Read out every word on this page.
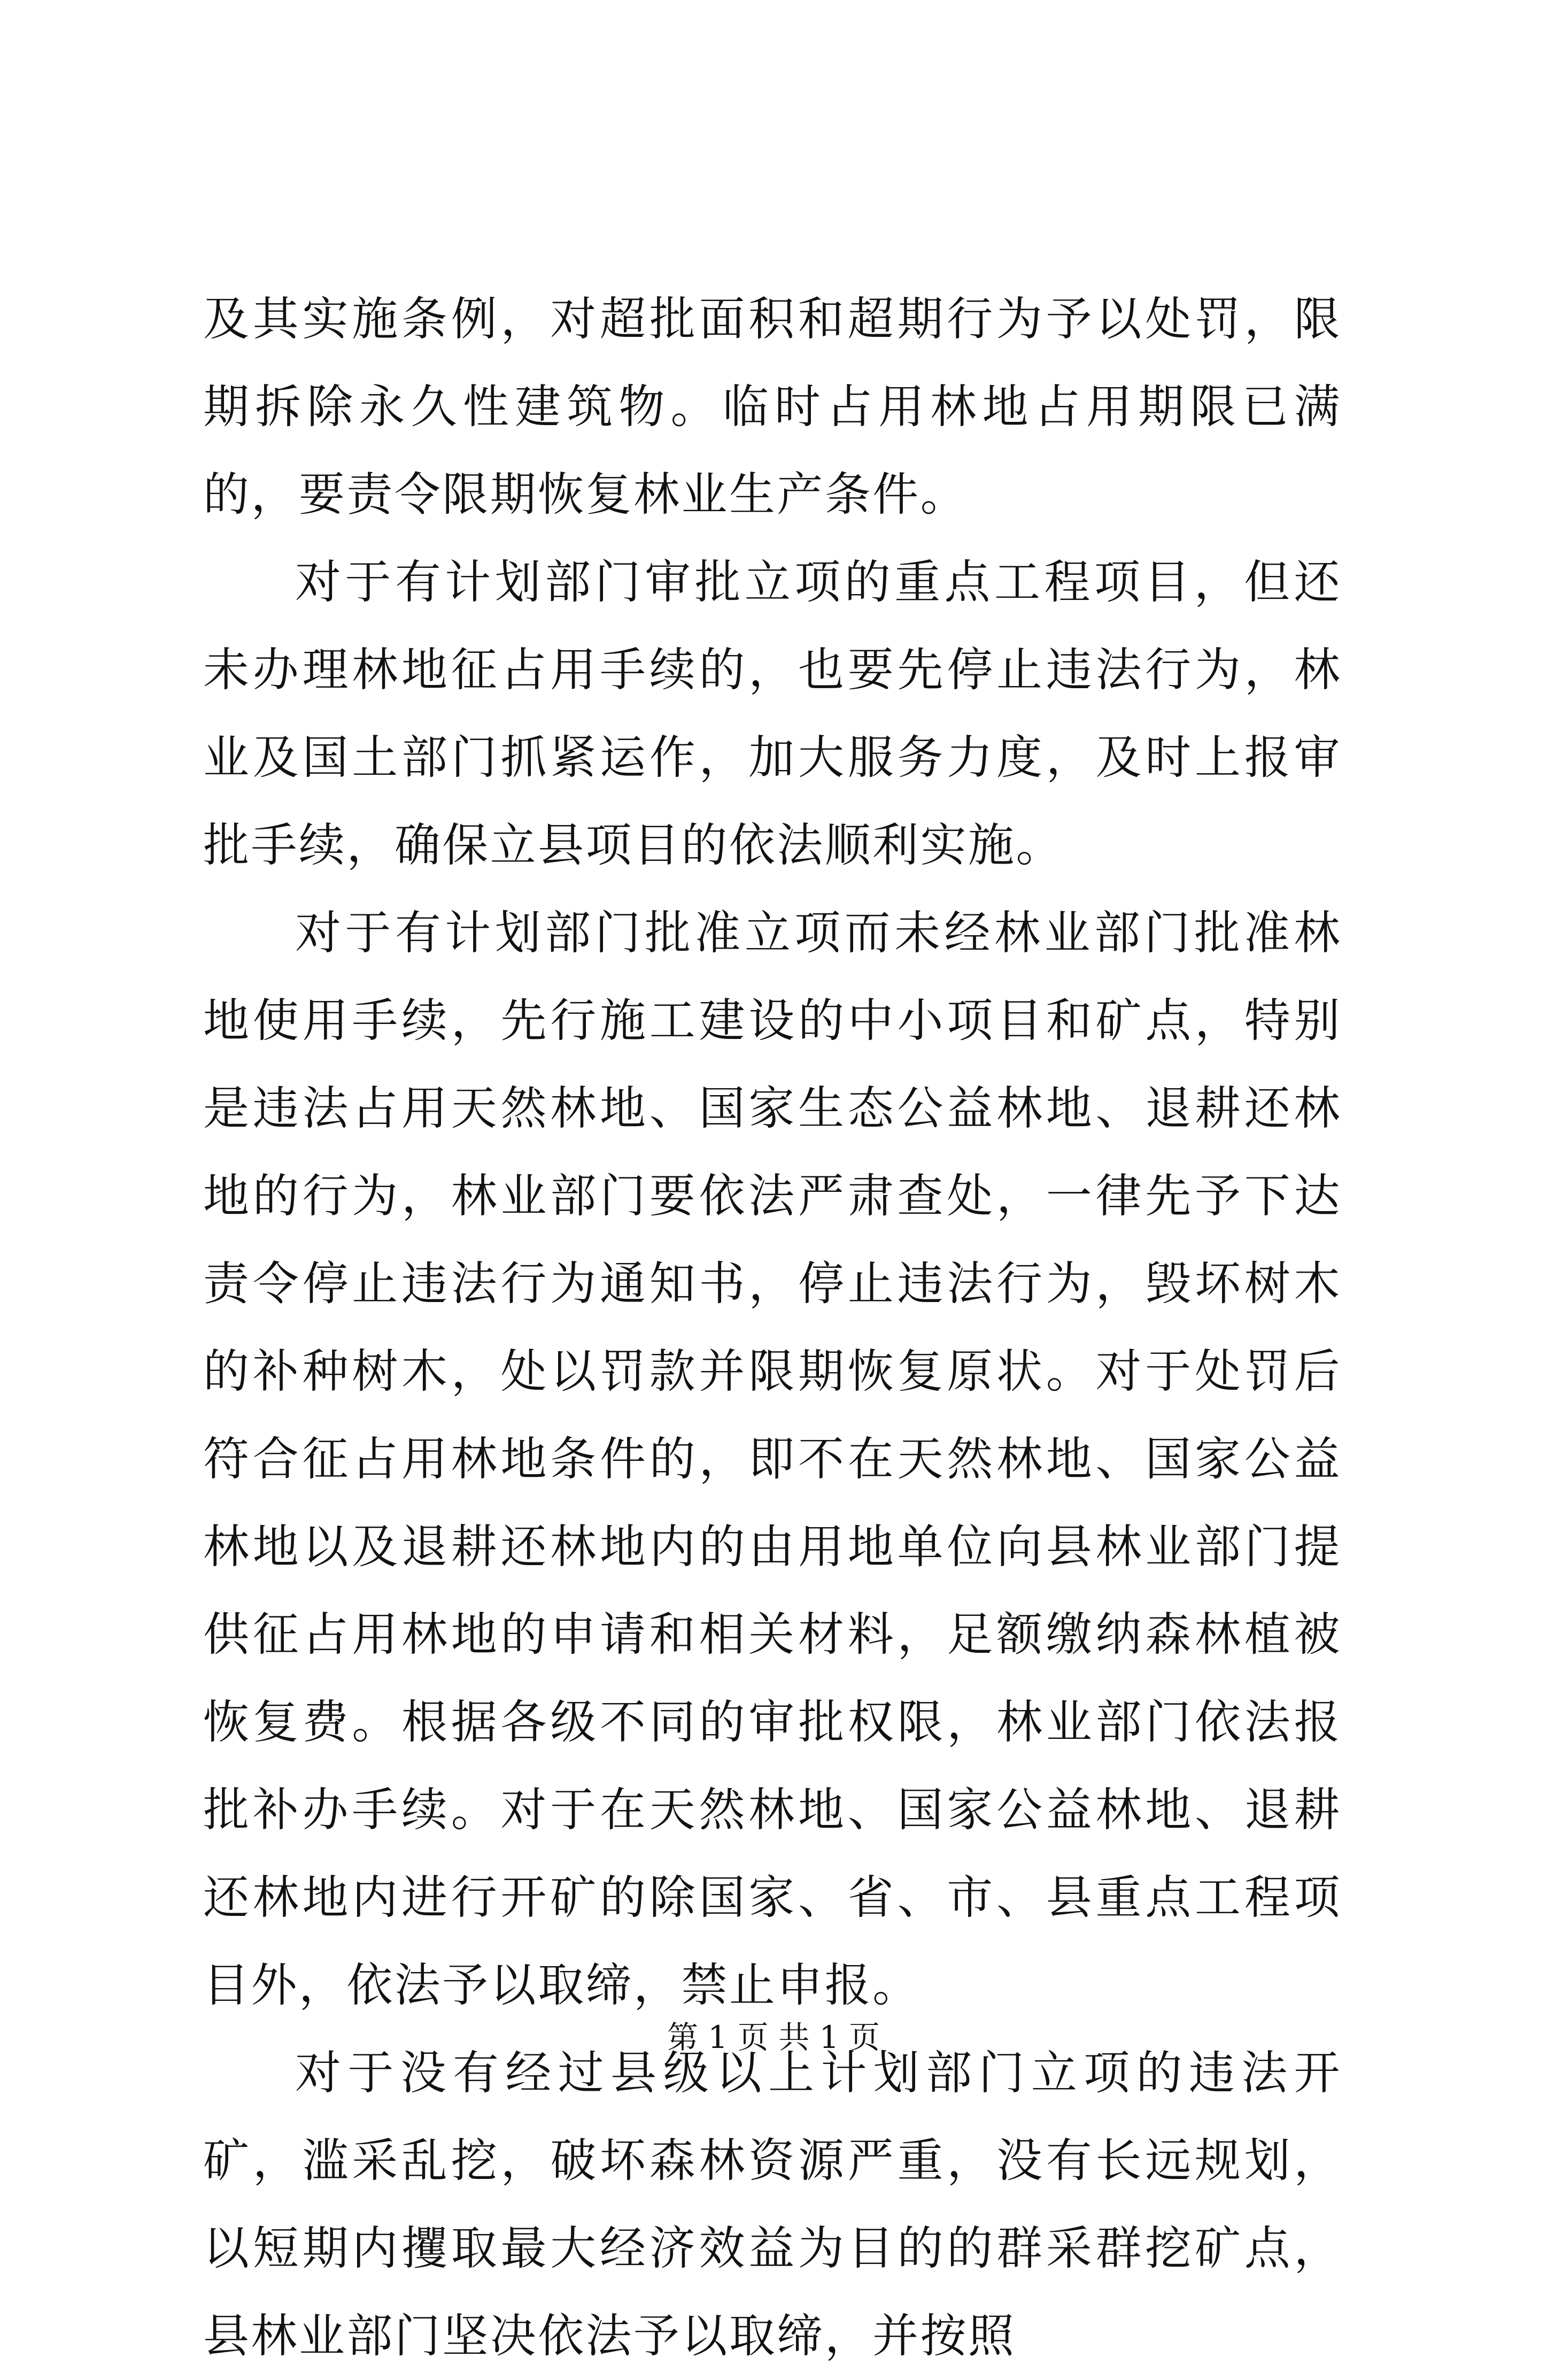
及其实施条例，对超批面积和超期行为予以处罚，限期拆除永久性建筑物。临时占用林地占用期限已满的，要责令限期恢复林业生产条件。

对于有计划部门审批立项的重点工程项目，但还未办理林地征占用手续的，也要先停止违法行为，林业及国土部门抓紧运作，加大服务力度，及时上报审批手续，确保立县项目的依法顺利实施。

对于有计划部门批准立项而未经林业部门批准林地使用手续，先行施工建设的中小项目和矿点，特别是违法占用天然林地、国家生态公益林地、退耕还林地的行为，林业部门要依法严肃查处，一律先予下达责令停止违法行为通知书，停止违法行为，毁坏树木的补种树木，处以罚款并限期恢复原状。对于处罚后符合征占用林地条件的，即不在天然林地、国家公益林地以及退耕还林地内的由用地单位向县林业部门提供征占用林地的申请和相关材料，足额缴纳森林植被恢复费。根据各级不同的审批权限，林业部门依法报批补办手续。对于在天然林地、国家公益林地、退耕还林地内进行开矿的除国家、省、市、县重点工程项目外，依法予以取缔，禁止申报。

对于没有经过县级以上计划部门立项的违法开矿，滥采乱挖，破坏森林资源严重，没有长远规划，以短期内攫取最大经济效益为目的的群采群挖矿点，县林业部门坚决依法予以取缔，并按照

第 1 页 共 1 页
